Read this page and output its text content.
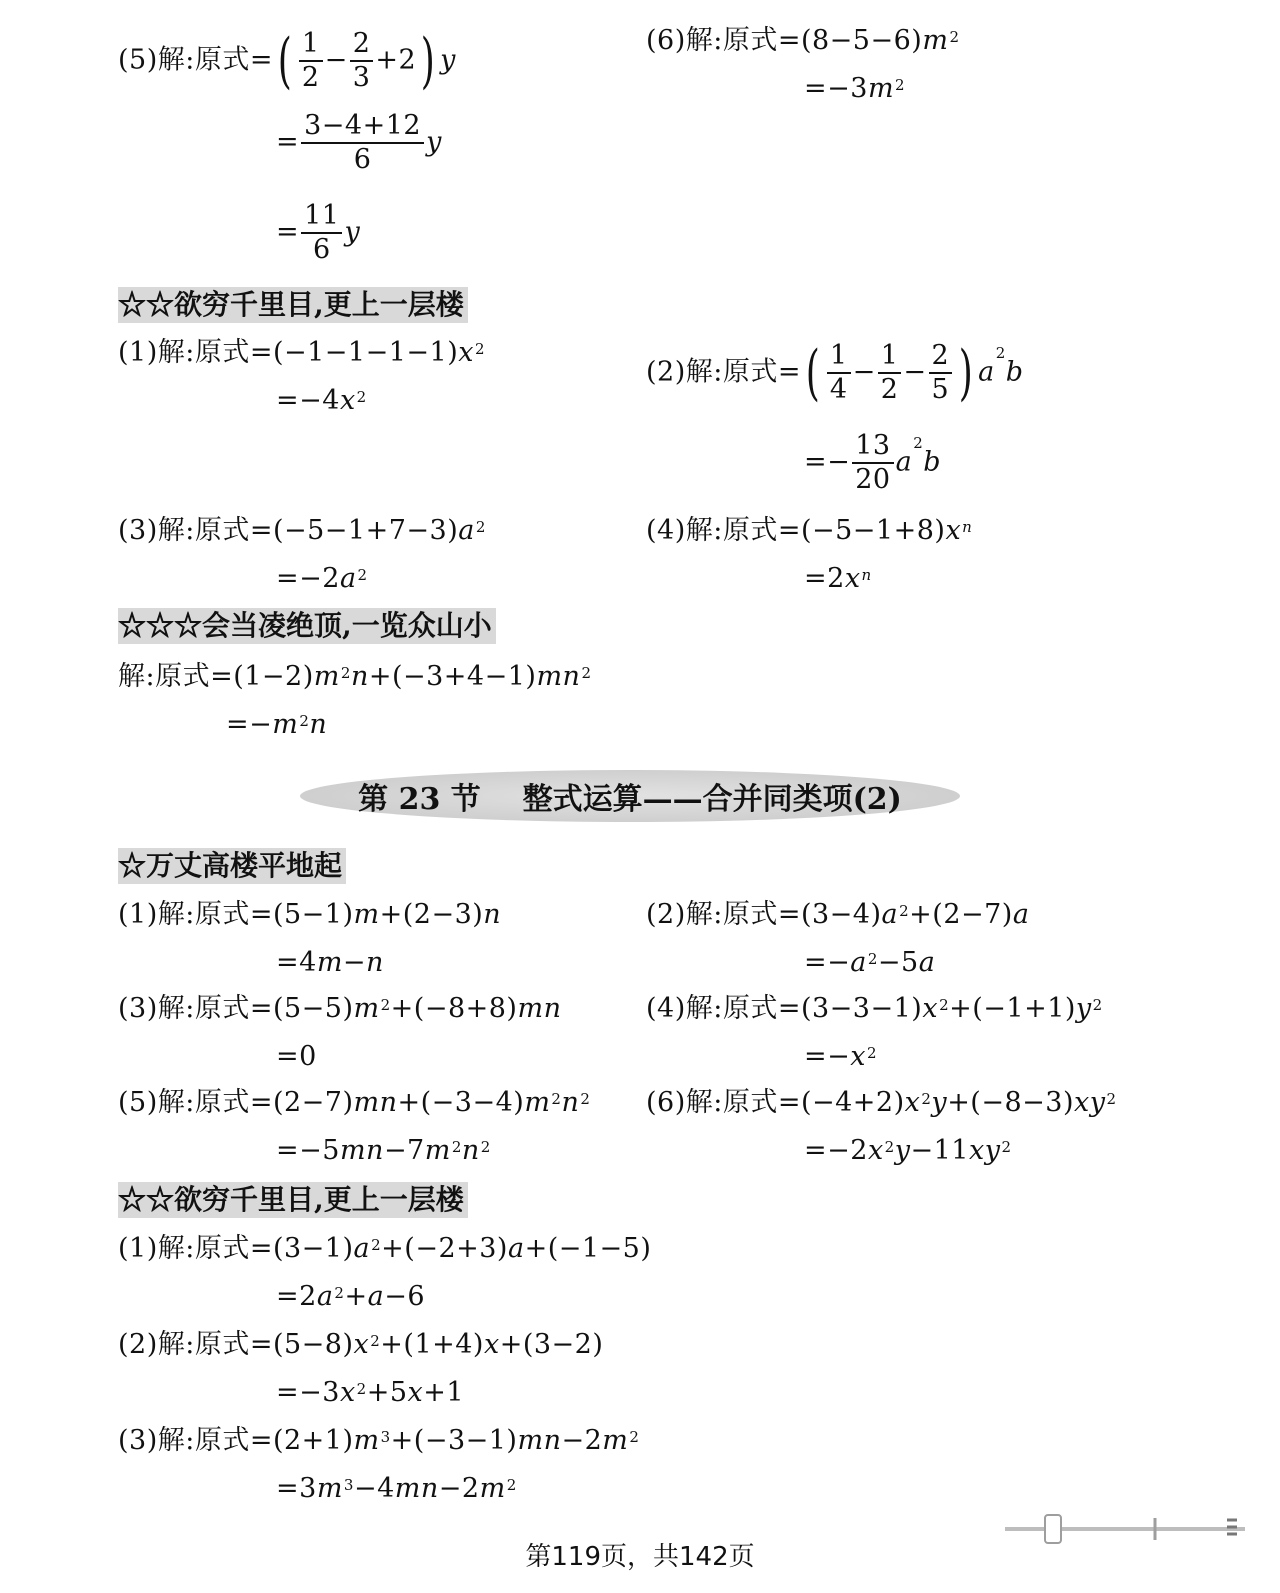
(5)解:原式=( $\frac{1}{2} - \frac{2}{3} +2$) y
= $\frac{3-4+12}{6}$ y
= $\frac{11}{6}$ y
(6)解:原式$=(8-5-6)m^2$
$=-3m^2$
☆☆欲穷千里目,更上一层楼
(1)解:原式$=(-1-1-1-1)x^2$
$=-4x^2$
(2)解:原式=( $\frac{1}{4} - \frac{1}{2} - \frac{2}{5}$ ) $a^2b$
=− $\frac{13}{20} a^2b$
(3)解:原式$=(-5-1+7-3)a^2$
$=-2a^2$
(4)解:原式$=(-5-1+8)x^n$
$=2x^n$
☆☆☆会当凌绝顶,一览众山小
解:原式$=(1-2)m^2n+(-3+4-1)mn^2$
$=-m^2n$
第 23 节    整式运算——合并同类项(2)
☆万丈高楼平地起
(1)解:原式=(5−1)m+(2−3)n
=4m−n
(2)解:原式$=(3-4)a^2+(2-7)a$
$=-a^2-5a$
(3)解:原式$=(5-5)m^2+(-8+8)mn$
=0
(4)解:原式$=(3-3-1)x^2+(-1+1)y^2$
$=-x^2$
(5)解:原式$=(2-7)mn+(-3-4)m^2n^2$
$=-5mn-7m^2n^2$
(6)解:原式$=(-4+2)x^2y+(-8-3)xy^2$
$=-2x^2y-11xy^2$
☆☆欲穷千里目,更上一层楼
(1)解:原式$=(3-1)a^2+(-2+3)a+(-1-5)$
$=2a^2+a-6$
(2)解:原式$=(5-8)x^2+(1+4)x+(3-2)$
$=-3x^2+5x+1$
(3)解:原式$=(2+1)m^3+(-3-1)mn-2m^2$
$=3m^3-4mn-2m^2$
第119页，共142页
